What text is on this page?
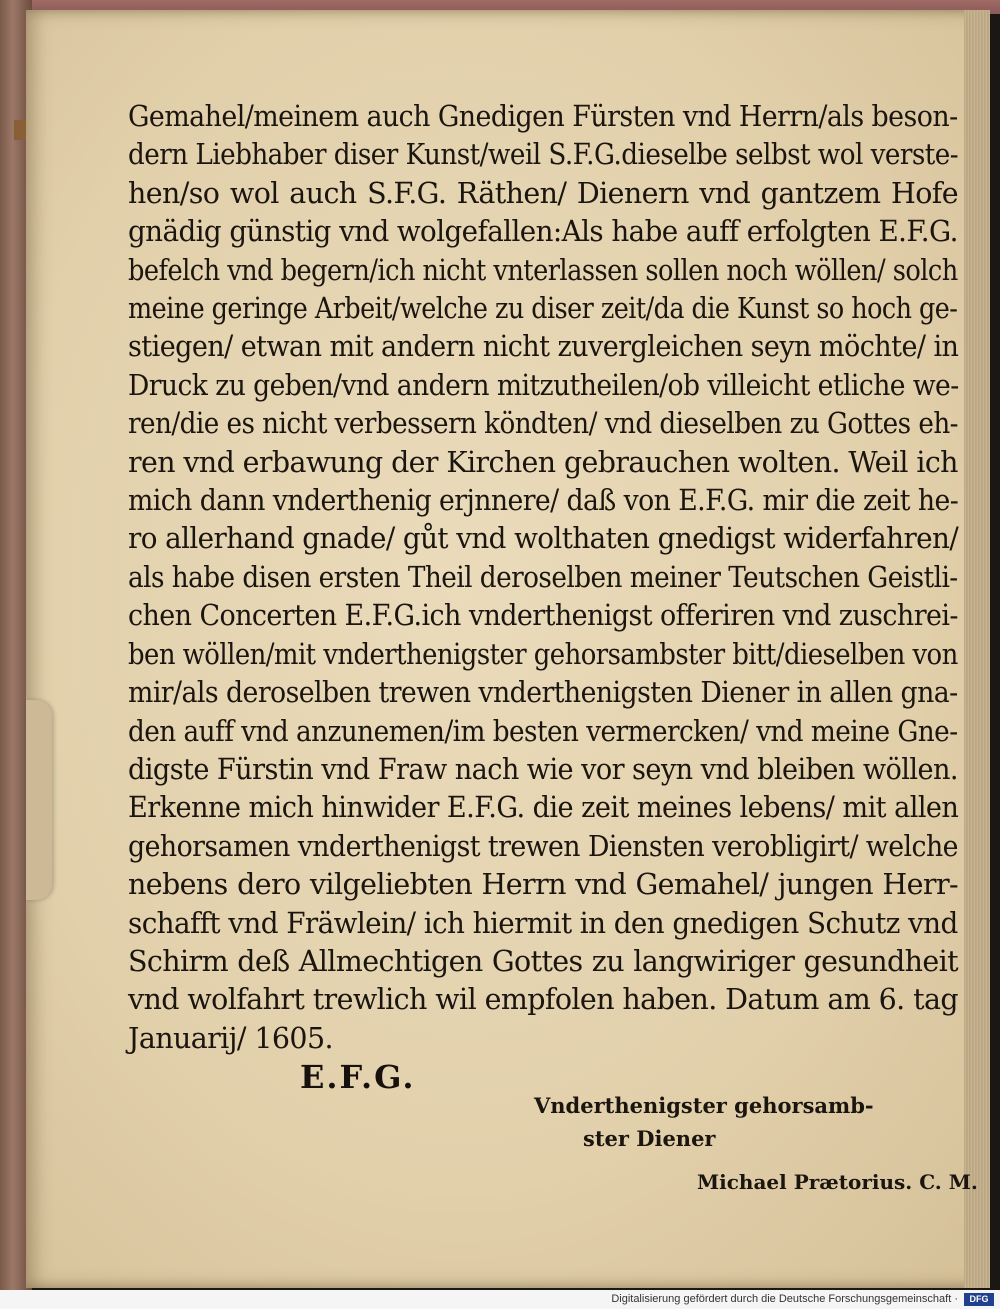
Gemahel/meinem auch Gnedigen Fürsten vnd Herrn/als beson-
dern Liebhaber diser Kunst/weil S.F.G.dieselbe selbst wol verste-
hen/so wol auch S.F.G. Räthen/ Dienern vnd gantzem Hofe
gnädig günstig vnd wolgefallen:Als habe auff erfolgten E.F.G.
befelch vnd begern/ich nicht vnterlassen sollen noch wöllen/ solch
meine geringe Arbeit/welche zu diser zeit/da die Kunst so hoch ge-
stiegen/ etwan mit andern nicht zuvergleichen seyn möchte/ in
Druck zu geben/vnd andern mitzutheilen/ob villeicht etliche we-
ren/die es nicht verbessern köndten/ vnd dieselben zu Gottes eh-
ren vnd erbawung der Kirchen gebrauchen wolten. Weil ich
mich dann vnderthenig erjnnere/ daß von E.F.G. mir die zeit he-
ro allerhand gnade/ gůt vnd wolthaten gnedigst widerfahren/
als habe disen ersten Theil deroselben meiner Teutschen Geistli-
chen Concerten E.F.G.ich vnderthenigst offeriren vnd zuschrei-
ben wöllen/mit vnderthenigster gehorsambster bitt/dieselben von
mir/als deroselben trewen vnderthenigsten Diener in allen gna-
den auff vnd anzunemen/im besten vermercken/ vnd meine Gne-
digste Fürstin vnd Fraw nach wie vor seyn vnd bleiben wöllen.
Erkenne mich hinwider E.F.G. die zeit meines lebens/ mit allen
gehorsamen vnderthenigst trewen Diensten verobligirt/ welche
nebens dero vilgeliebten Herrn vnd Gemahel/ jungen Herr-
schafft vnd Fräwlein/ ich hiermit in den gnedigen Schutz vnd
Schirm deß Allmechtigen Gottes zu langwiriger gesundheit
vnd wolfahrt trewlich wil empfolen haben. Datum am 6. tag
Januarij/ 1605.
E.F.G.
Vnderthenigster gehorsamb-
ster Diener
Michael Prætorius. C. M.
Digitalisierung gefördert durch die Deutsche Forschungsgemeinschaft ·	DFG
